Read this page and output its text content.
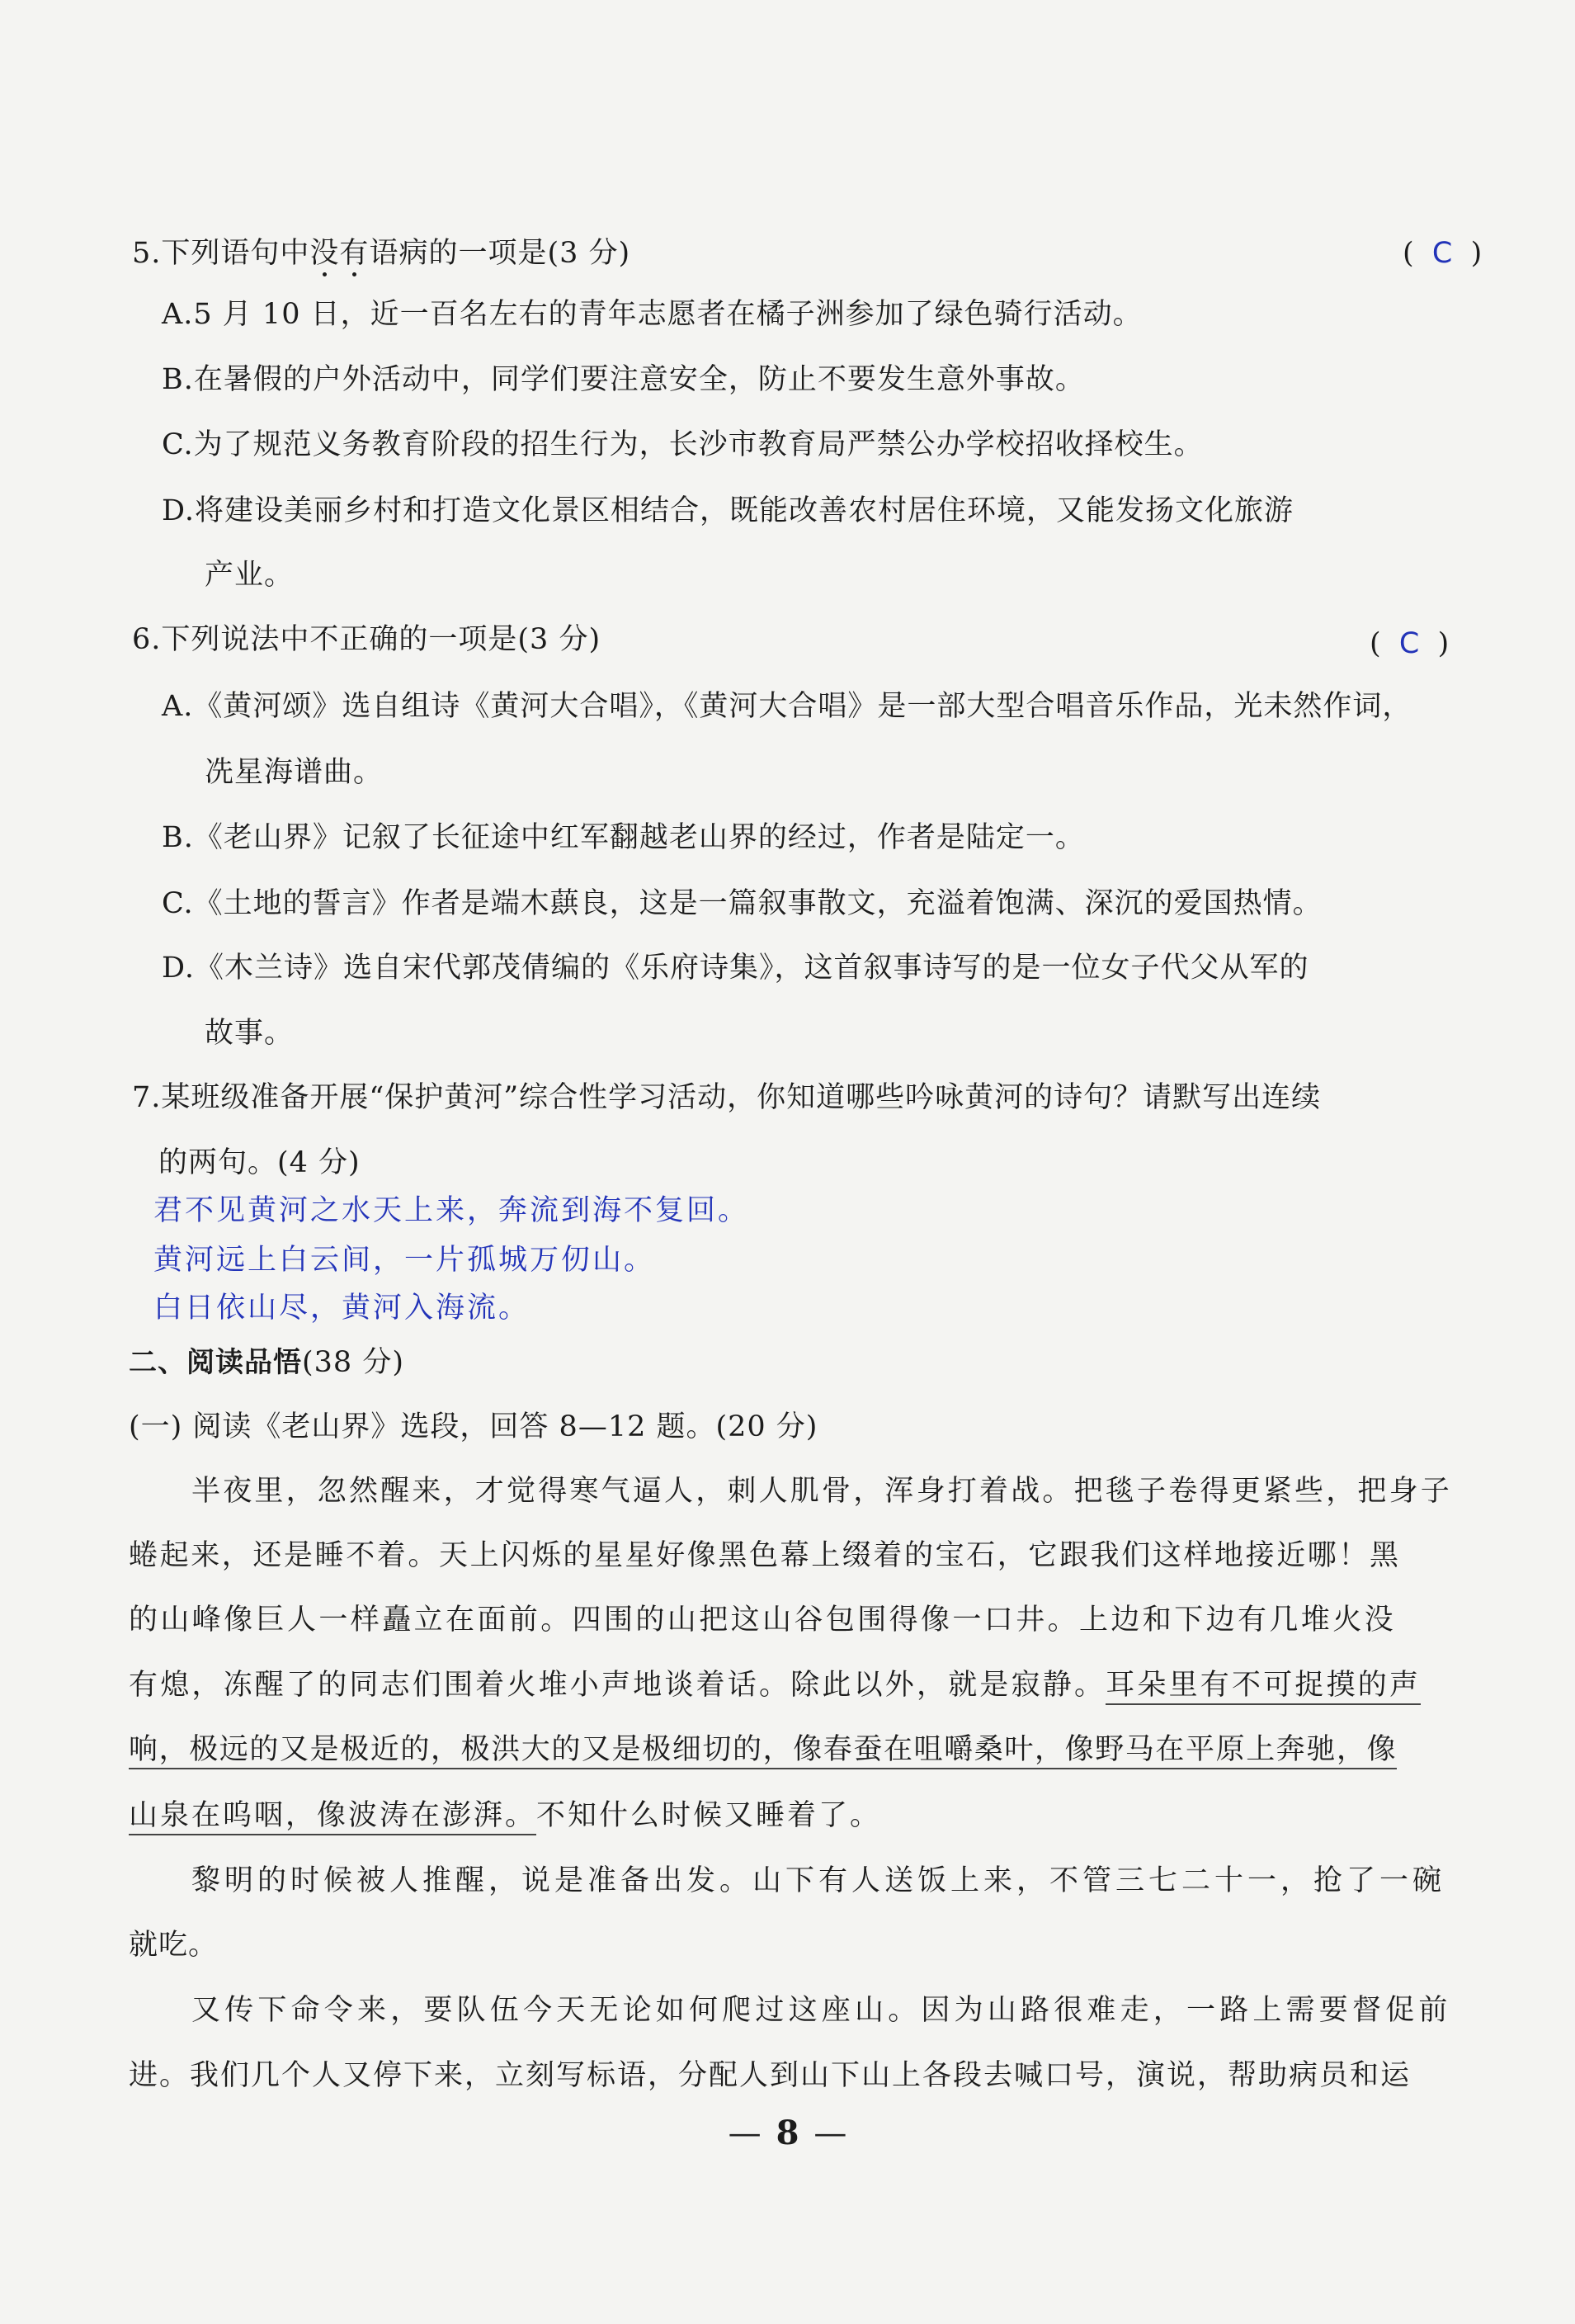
5.下列语句中没有语病的一项是(3 分)	(  C  )
A.5 月 10 日，近一百名左右的青年志愿者在橘子洲参加了绿色骑行活动。
B.在暑假的户外活动中，同学们要注意安全，防止不要发生意外事故。
C.为了规范义务教育阶段的招生行为，长沙市教育局严禁公办学校招收择校生。
D.将建设美丽乡村和打造文化景区相结合，既能改善农村居住环境，又能发扬文化旅游
产业。
6.下列说法中不正确的一项是(3 分)	(  C  )
A.《黄河颂》选自组诗《黄河大合唱》，《黄河大合唱》是一部大型合唱音乐作品，光未然作词，
冼星海谱曲。
B.《老山界》记叙了长征途中红军翻越老山界的经过，作者是陆定一。
C.《土地的誓言》作者是端木蕻良，这是一篇叙事散文，充溢着饱满、深沉的爱国热情。
D.《木兰诗》选自宋代郭茂倩编的《乐府诗集》，这首叙事诗写的是一位女子代父从军的
故事。
7.某班级准备开展“保护黄河”综合性学习活动，你知道哪些吟咏黄河的诗句？请默写出连续
的两句。(4 分)
君不见黄河之水天上来，奔流到海不复回。
黄河远上白云间，一片孤城万仞山。
白日依山尽，黄河入海流。
二、阅读品悟(38 分)
(一) 阅读《老山界》选段，回答 8—12 题。(20 分)
半夜里，忽然醒来，才觉得寒气逼人，刺人肌骨，浑身打着战。把毯子卷得更紧些，把身子
蜷起来，还是睡不着。天上闪烁的星星好像黑色幕上缀着的宝石，它跟我们这样地接近哪！黑
的山峰像巨人一样矗立在面前。四围的山把这山谷包围得像一口井。上边和下边有几堆火没
有熄，冻醒了的同志们围着火堆小声地谈着话。除此以外，就是寂静。耳朵里有不可捉摸的声
响，极远的又是极近的，极洪大的又是极细切的，像春蚕在咀嚼桑叶，像野马在平原上奔驰，像
山泉在呜咽，像波涛在澎湃。不知什么时候又睡着了。
黎明的时候被人推醒，说是准备出发。山下有人送饭上来，不管三七二十一，抢了一碗
就吃。
又传下命令来，要队伍今天无论如何爬过这座山。因为山路很难走，一路上需要督促前
进。我们几个人又停下来，立刻写标语，分配人到山下山上各段去喊口号，演说，帮助病员和运
— 8 —
